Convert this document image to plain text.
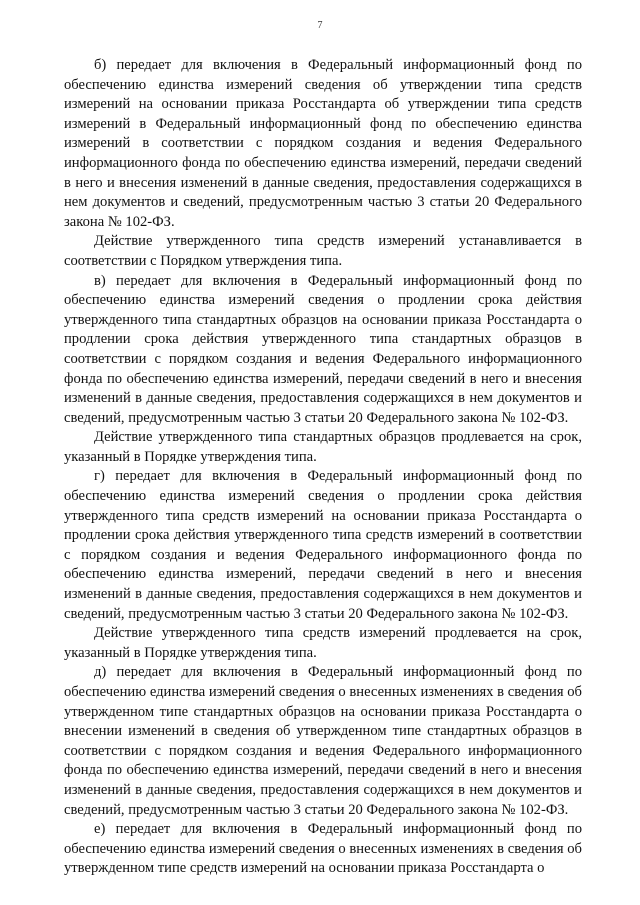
7

б) передает для включения в Федеральный информационный фонд по обеспечению единства измерений сведения об утверждении типа средств измерений на основании приказа Росстандарта об утверждении типа средств измерений в Федеральный информационный фонд по обеспечению единства измерений в соответствии с порядком создания и ведения Федерального информационного фонда по обеспечению единства измерений, передачи сведений в него и внесения изменений в данные сведения, предоставления содержащихся в нем документов и сведений, предусмотренным частью 3 статьи 20 Федерального закона № 102-ФЗ.

Действие утвержденного типа средств измерений устанавливается в соответствии с Порядком утверждения типа.

в) передает для включения в Федеральный информационный фонд по обеспечению единства измерений сведения о продлении срока действия утвержденного типа стандартных образцов на основании приказа Росстандарта о продлении срока действия утвержденного типа стандартных образцов в соответствии с порядком создания и ведения Федерального информационного фонда по обеспечению единства измерений, передачи сведений в него и внесения изменений в данные сведения, предоставления содержащихся в нем документов и сведений, предусмотренным частью 3 статьи 20 Федерального закона № 102-ФЗ.

Действие утвержденного типа стандартных образцов продлевается на срок, указанный в Порядке утверждения типа.

г) передает для включения в Федеральный информационный фонд по обеспечению единства измерений сведения о продлении срока действия утвержденного типа средств измерений на основании приказа Росстандарта о продлении срока действия утвержденного типа средств измерений в соответствии с порядком создания и ведения Федерального информационного фонда по обеспечению единства измерений, передачи сведений в него и внесения изменений в данные сведения, предоставления содержащихся в нем документов и сведений, предусмотренным частью 3 статьи 20 Федерального закона № 102-ФЗ.

Действие утвержденного типа средств измерений продлевается на срок, указанный в Порядке утверждения типа.

д) передает для включения в Федеральный информационный фонд по обеспечению единства измерений сведения о внесенных изменениях в сведения об утвержденном типе стандартных образцов на основании приказа Росстандарта о внесении изменений в сведения об утвержденном типе стандартных образцов в соответствии с порядком создания и ведения Федерального информационного фонда по обеспечению единства измерений, передачи сведений в него и внесения изменений в данные сведения, предоставления содержащихся в нем документов и сведений, предусмотренным частью 3 статьи 20 Федерального закона № 102-ФЗ.

е) передает для включения в Федеральный информационный фонд по обеспечению единства измерений сведения о внесенных изменениях в сведения об утвержденном типе средств измерений на основании приказа Росстандарта о
